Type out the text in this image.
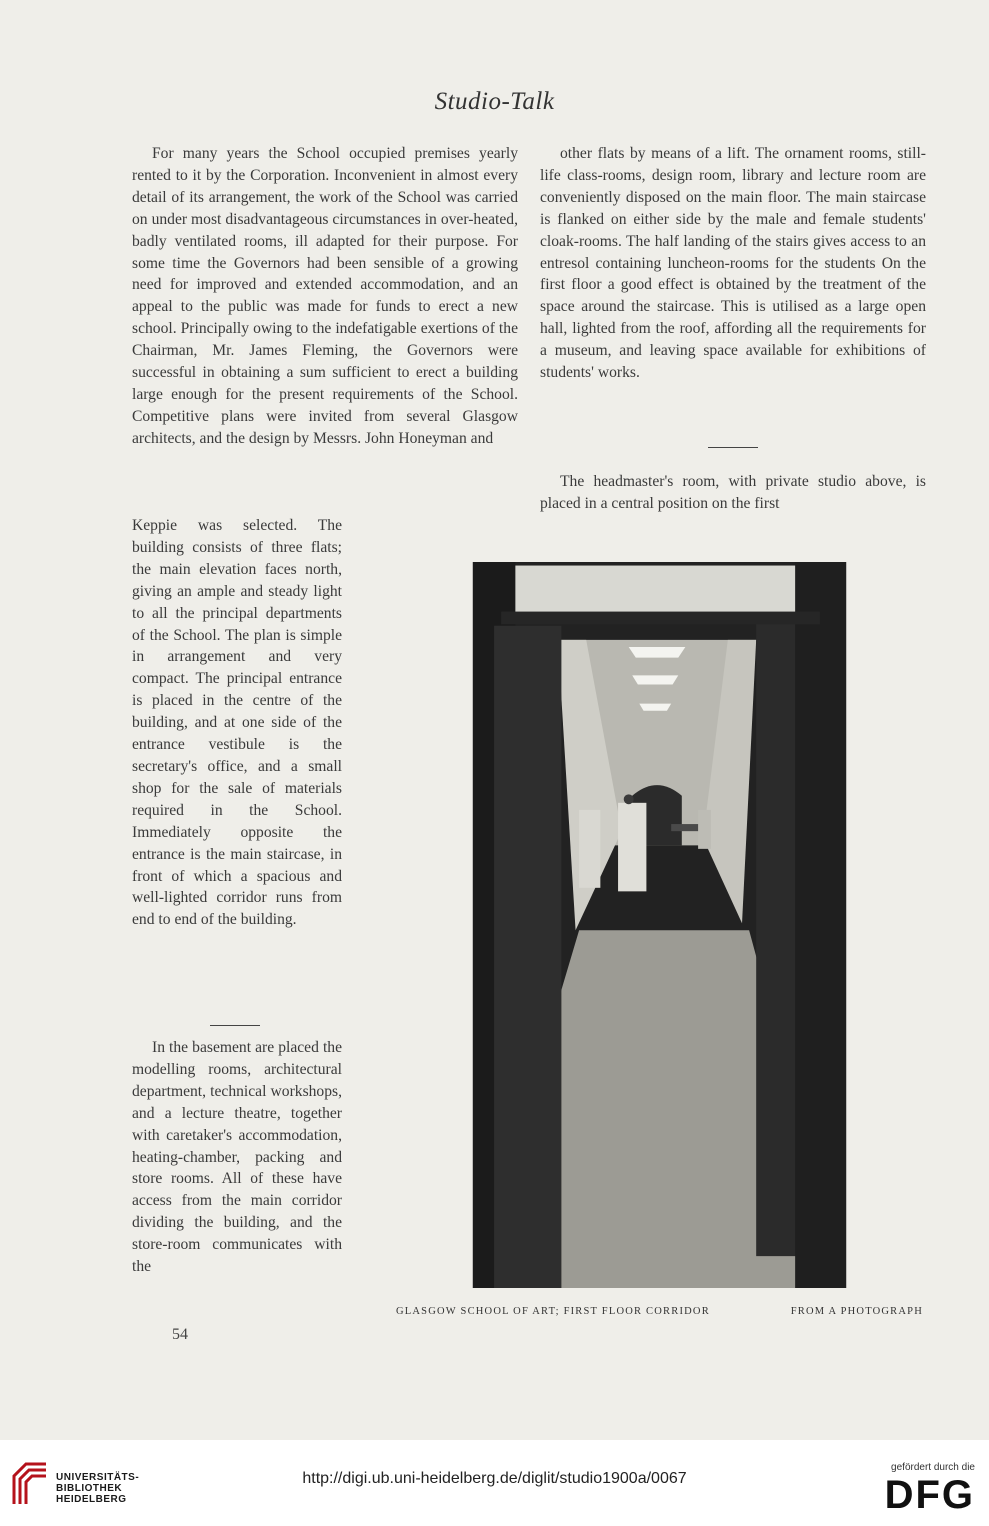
Studio-Talk

For many years the School occupied premises yearly rented to it by the Corporation. Inconvenient in almost every detail of its arrangement, the work of the School was carried on under most disadvantageous circumstances in over-heated, badly ventilated rooms, ill adapted for their purpose. For some time the Governors had been sensible of a growing need for improved and extended accommodation, and an appeal to the public was made for funds to erect a new school. Principally owing to the indefatigable exertions of the Chairman, Mr. James Fleming, the Governors were successful in obtaining a sum sufficient to erect a building large enough for the present requirements of the School. Competitive plans were invited from several Glasgow architects, and the design by Messrs. John Honeyman and

Keppie was selected. The building consists of three flats; the main elevation faces north, giving an ample and steady light to all the principal departments of the School. The plan is simple in arrangement and very compact. The principal entrance is placed in the centre of the building, and at one side of the entrance vestibule is the secretary's office, and a small shop for the sale of materials required in the School. Immediately opposite the entrance is the main staircase, in front of which a spacious and well-lighted corridor runs from end to end of the building.

In the basement are placed the modelling rooms, architectural department, technical workshops, and a lecture theatre, together with caretaker's accommodation, heating-chamber, packing and store rooms. All of these have access from the main corridor dividing the building, and the store-room communicates with the

other flats by means of a lift. The ornament rooms, still-life class-rooms, design room, library and lecture room are conveniently disposed on the main floor. The main staircase is flanked on either side by the male and female students' cloak-rooms. The half landing of the stairs gives access to an entresol containing luncheon-rooms for the students On the first floor a good effect is obtained by the treatment of the space around the staircase. This is utilised as a large open hall, lighted from the roof, affording all the requirements for a museum, and leaving space available for exhibitions of students' works.

The headmaster's room, with private studio above, is placed in a central position on the first

UNIVERSITÄTS-
BIBLIOTHEK
HEIDELBERG
http://digi.ub.uni-heidelberg.de/diglit/studio1900a/0067
gefördert durch die
DFG
GLASGOW SCHOOL OF ART; FIRST FLOOR CORRIDOR	FROM A PHOTOGRAPH
54
